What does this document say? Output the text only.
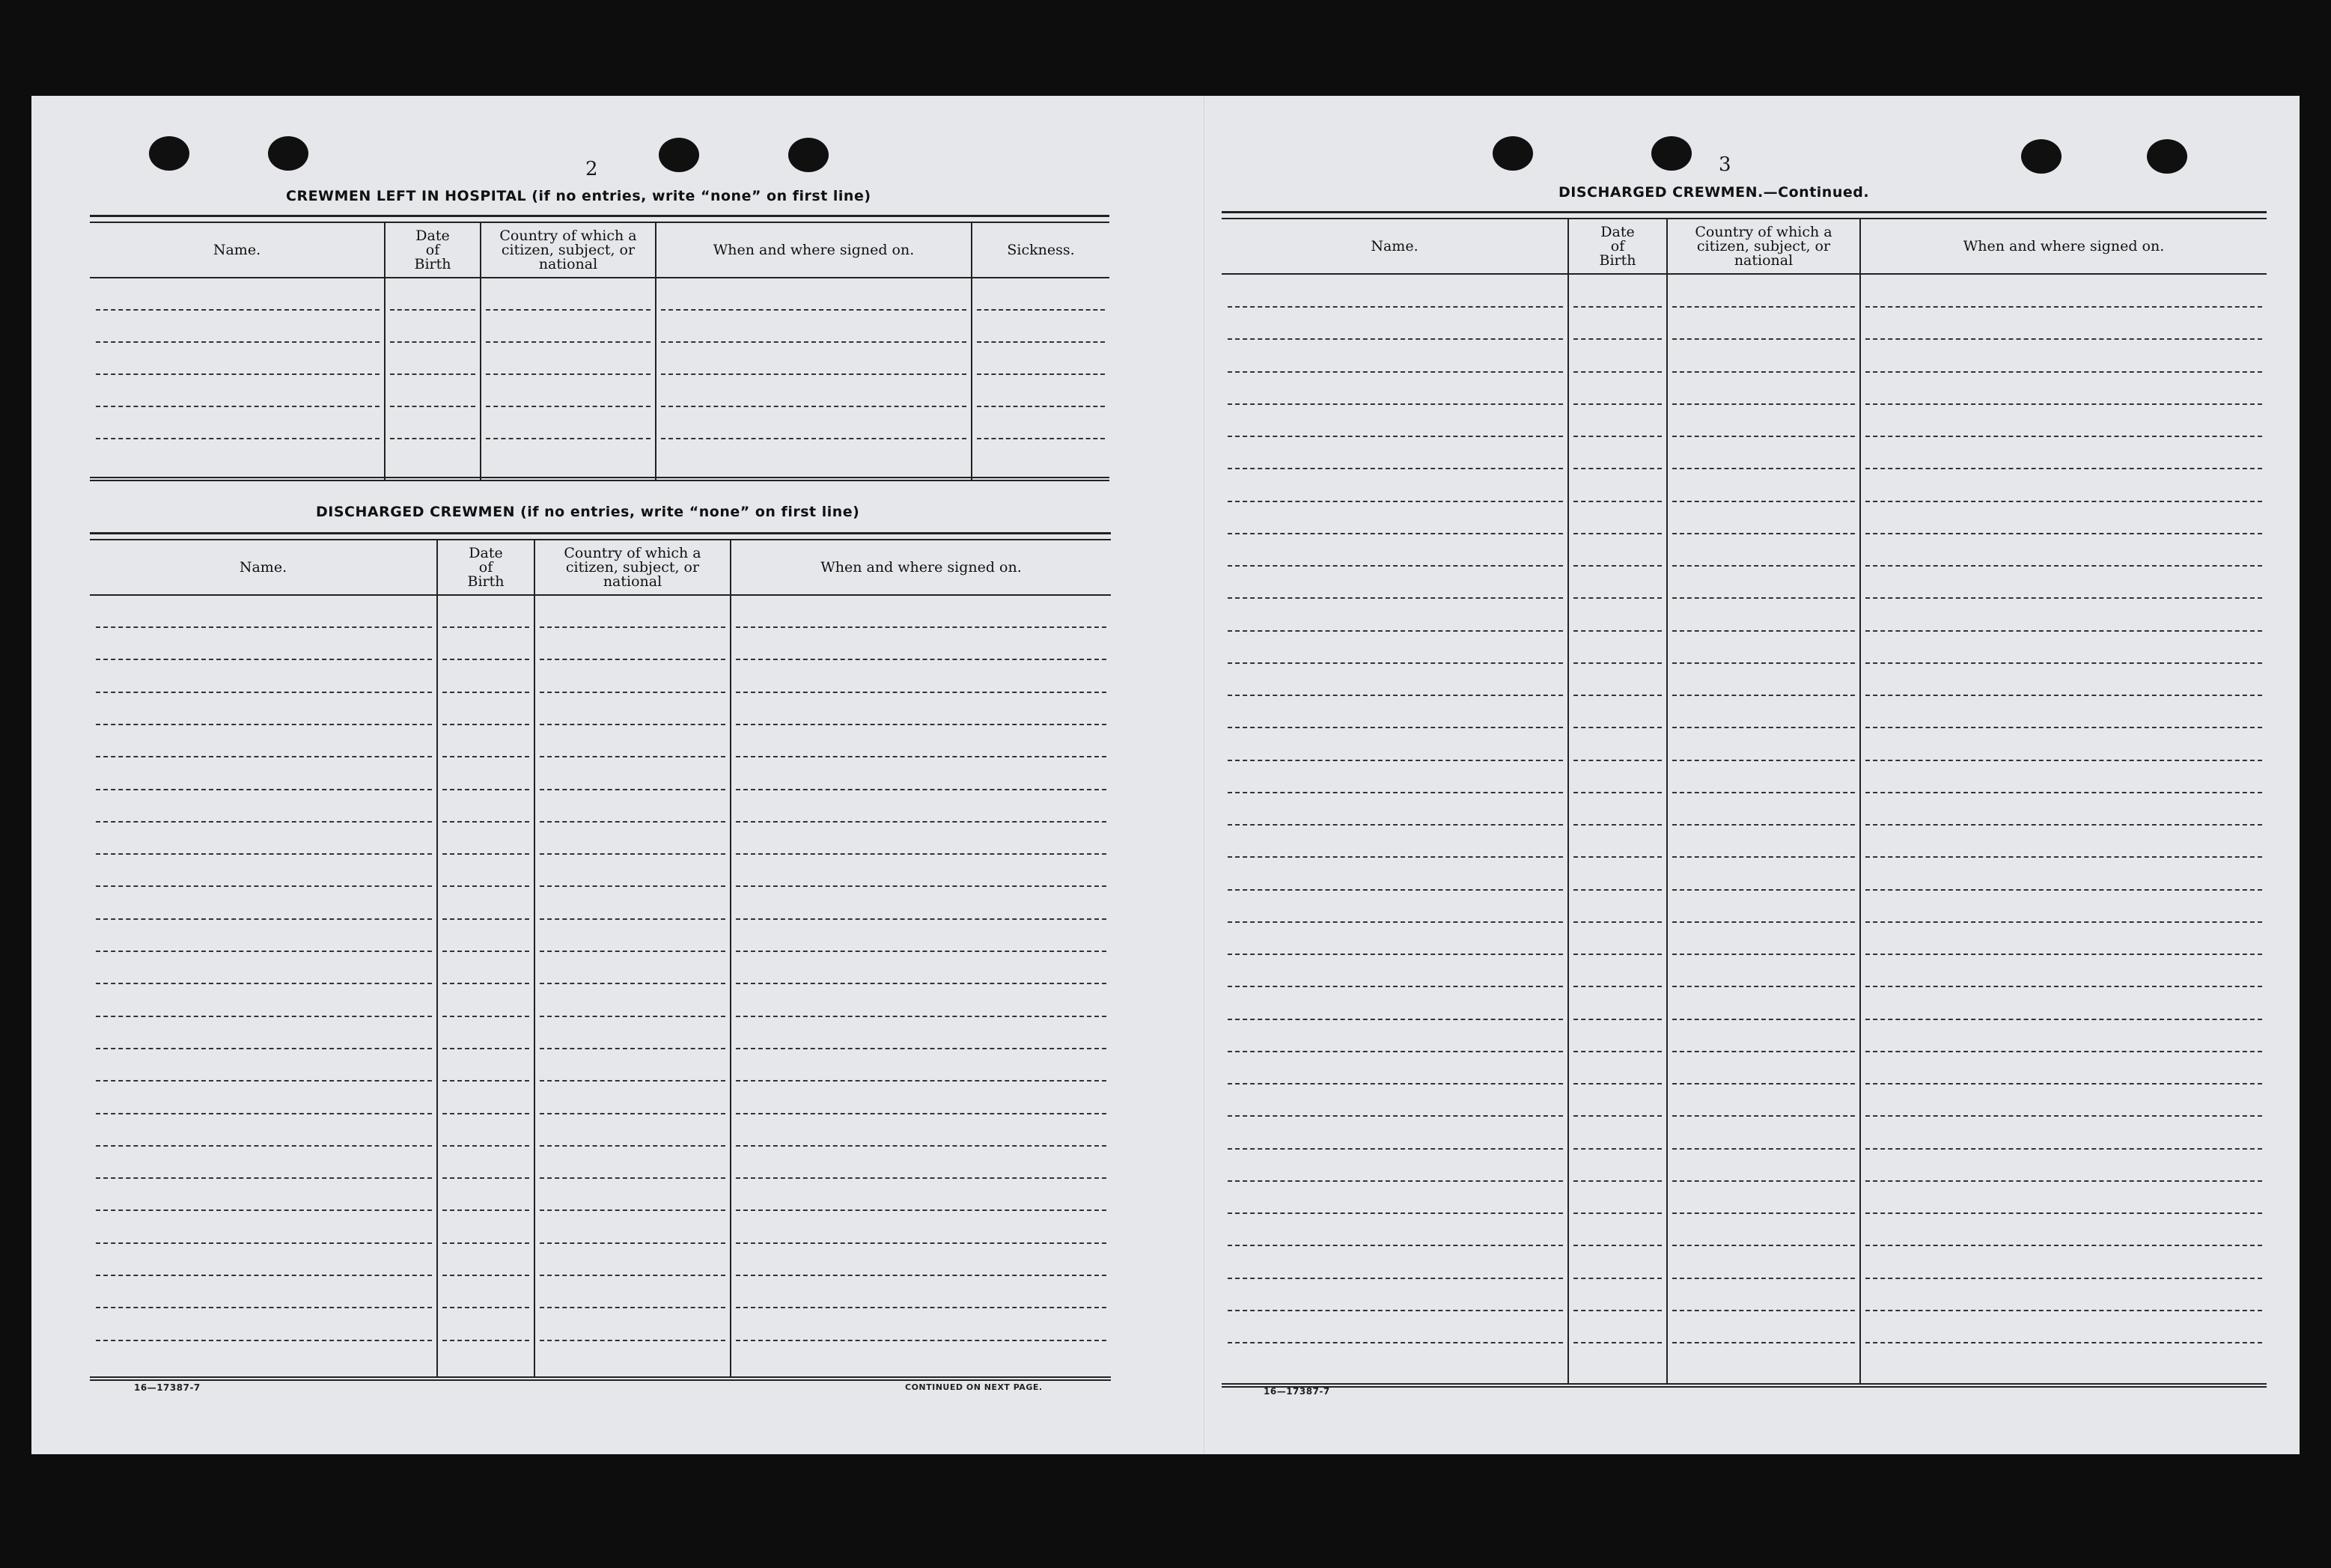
2
CREWMEN LEFT IN HOSPITAL (if no entries, write “none” on first line)
Name.
Date of Birth
Country of which a citizen, subject, or national
When and where signed on.	Sickness.
DISCHARGED CREWMEN (if no entries, write “none” on first line)
Name.
Date of Birth
Country of which a citizen, subject, or national
When and where signed on.
16—17387-7	CONTINUED ON NEXT PAGE.
3
DISCHARGED CREWMEN.—Continued.
Name.
Date of Birth
Country of which a citizen, subject, or national
When and where signed on.
16—17387-7
